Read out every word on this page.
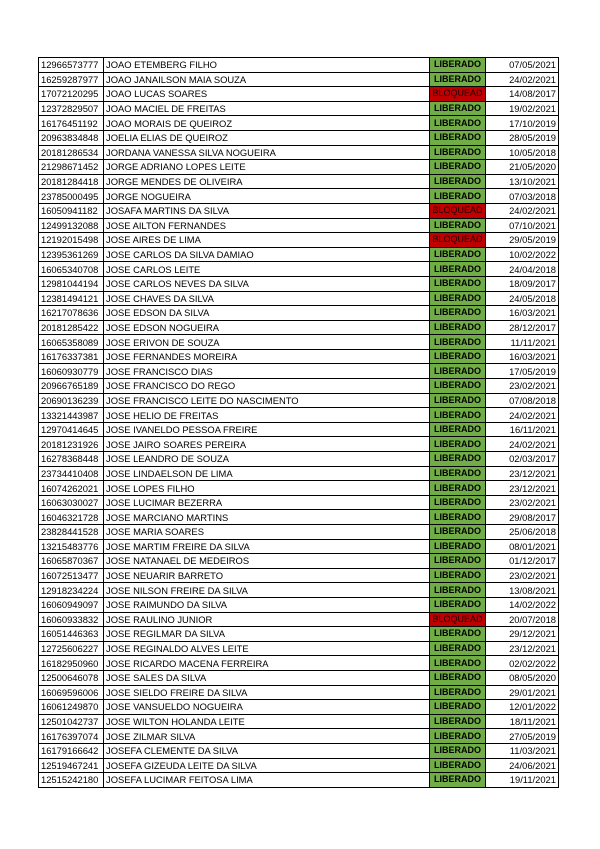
12966573777	JOAO ETEMBERG FILHO	LIBERADO	07/05/2021
16259287977	JOAO JANAILSON MAIA SOUZA	LIBERADO	24/02/2021
17072120295	JOAO LUCAS SOARES	BLOQUEAD	14/08/2017
12372829507	JOAO MACIEL DE FREITAS	LIBERADO	19/02/2021
16176451192	JOAO MORAIS DE QUEIROZ	LIBERADO	17/10/2019
20963834848	JOELIA ELIAS DE QUEIROZ	LIBERADO	28/05/2019
20181286534	JORDANA VANESSA SILVA NOGUEIRA	LIBERADO	10/05/2018
21298671452	JORGE ADRIANO LOPES LEITE	LIBERADO	21/05/2020
20181284418	JORGE MENDES DE OLIVEIRA	LIBERADO	13/10/2021
23785000495	JORGE NOGUEIRA	LIBERADO	07/03/2018
16050941182	JOSAFA MARTINS DA SILVA	BLOQUEAD	24/02/2021
12499132088	JOSE AILTON FERNANDES	LIBERADO	07/10/2021
12192015498	JOSE AIRES DE LIMA	BLOQUEAD	29/05/2019
12395361269	JOSE CARLOS DA SILVA DAMIAO	LIBERADO	10/02/2022
16065340708	JOSE CARLOS LEITE	LIBERADO	24/04/2018
12981044194	JOSE CARLOS NEVES DA SILVA	LIBERADO	18/09/2017
12381494121	JOSE CHAVES DA SILVA	LIBERADO	24/05/2018
16217078636	JOSE EDSON DA SILVA	LIBERADO	16/03/2021
20181285422	JOSE EDSON NOGUEIRA	LIBERADO	28/12/2017
16065358089	JOSE ERIVON DE SOUZA	LIBERADO	11/11/2021
16176337381	JOSE FERNANDES MOREIRA	LIBERADO	16/03/2021
16060930779	JOSE FRANCISCO DIAS	LIBERADO	17/05/2019
20966765189	JOSE FRANCISCO DO REGO	LIBERADO	23/02/2021
20690136239	JOSE FRANCISCO LEITE DO NASCIMENTO	LIBERADO	07/08/2018
13321443987	JOSE HELIO DE FREITAS	LIBERADO	24/02/2021
12970414645	JOSE IVANELDO PESSOA FREIRE	LIBERADO	16/11/2021
20181231926	JOSE JAIRO SOARES PEREIRA	LIBERADO	24/02/2021
16278368448	JOSE LEANDRO DE SOUZA	LIBERADO	02/03/2017
23734410408	JOSE LINDAELSON DE LIMA	LIBERADO	23/12/2021
16074262021	JOSE LOPES FILHO	LIBERADO	23/12/2021
16063030027	JOSE LUCIMAR BEZERRA	LIBERADO	23/02/2021
16046321728	JOSE MARCIANO MARTINS	LIBERADO	29/08/2017
23828441528	JOSE MARIA SOARES	LIBERADO	25/06/2018
13215483776	JOSE MARTIM FREIRE DA SILVA	LIBERADO	08/01/2021
16065870367	JOSE NATANAEL DE MEDEIROS	LIBERADO	01/12/2017
16072513477	JOSE NEUARIR BARRETO	LIBERADO	23/02/2021
12918234224	JOSE NILSON FREIRE DA SILVA	LIBERADO	13/08/2021
16060949097	JOSE RAIMUNDO DA SILVA	LIBERADO	14/02/2022
16060933832	JOSE RAULINO JUNIOR	BLOQUEAD	20/07/2018
16051446363	JOSE REGILMAR DA SILVA	LIBERADO	29/12/2021
12725606227	JOSE REGINALDO ALVES LEITE	LIBERADO	23/12/2021
16182950960	JOSE RICARDO MACENA FERREIRA	LIBERADO	02/02/2022
12500646078	JOSE SALES DA SILVA	LIBERADO	08/05/2020
16069596006	JOSE SIELDO FREIRE DA SILVA	LIBERADO	29/01/2021
16061249870	JOSE VANSUELDO NOGUEIRA	LIBERADO	12/01/2022
12501042737	JOSE WILTON HOLANDA LEITE	LIBERADO	18/11/2021
16176397074	JOSE ZILMAR SILVA	LIBERADO	27/05/2019
16179166642	JOSEFA CLEMENTE DA SILVA	LIBERADO	11/03/2021
12519467241	JOSEFA GIZEUDA LEITE DA SILVA	LIBERADO	24/06/2021
12515242180	JOSEFA LUCIMAR FEITOSA LIMA	LIBERADO	19/11/2021
